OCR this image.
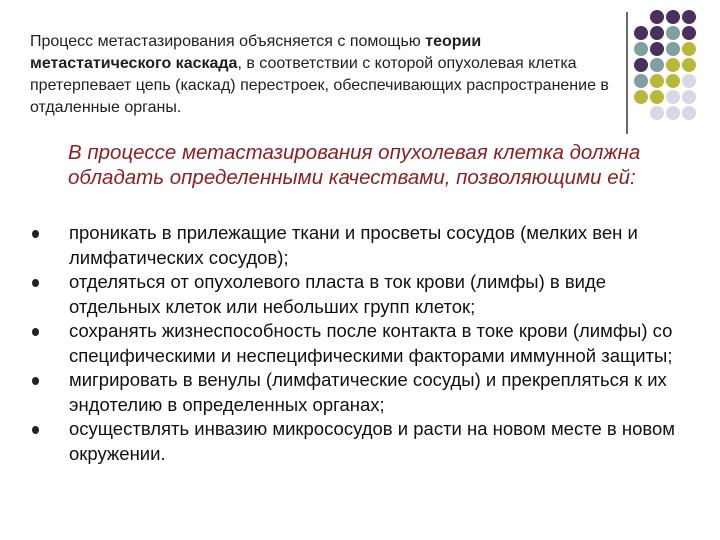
Процесс метастазирования объясняется с помощью теории метастатического каскада, в соответствии с которой опухолевая клетка претерпевает цепь (каскад) перестроек, обеспечивающих распространение в отдаленные органы.
В процессе метастазирования опухолевая клетка должна обладать определенными качествами, позволяющими ей:
проникать в прилежащие ткани и просветы сосудов (мелких вен и лимфатических сосудов);
отделяться от опухолевого пласта в ток крови (лимфы) в виде отдельных клеток или небольших групп клеток;
сохранять жизнеспособность после контакта в токе крови (лимфы) со специфическими и неспецифическими факторами иммунной защиты;
мигрировать в венулы (лимфатические сосуды) и прекрепляться к их эндотелию в определенных органах;
осуществлять инвазию микрососудов и расти на новом месте в новом окружении.
